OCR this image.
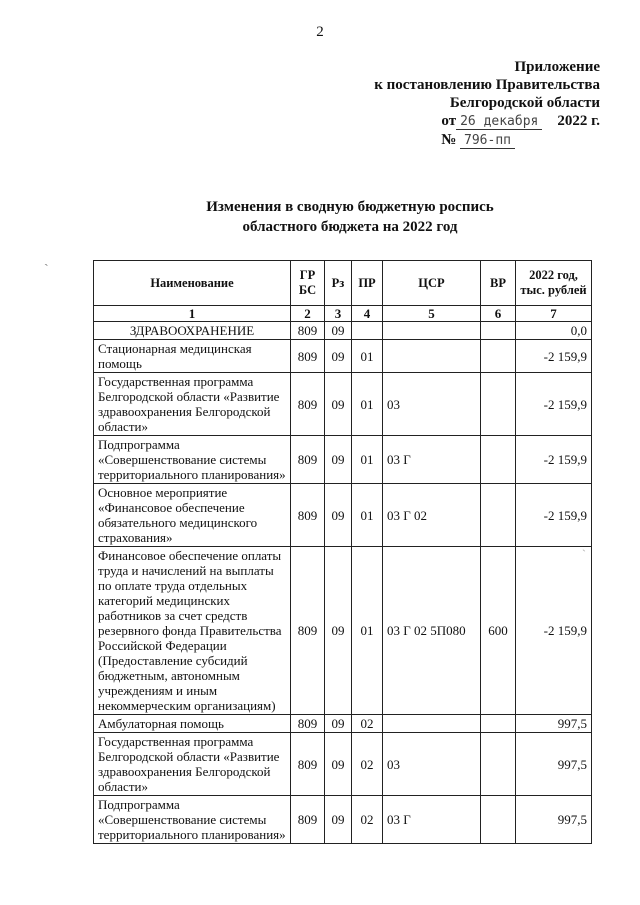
2
Приложение
к постановлению Правительства
Белгородской области
от 26 декабря 2022 г.
№ 796-пп
Изменения в сводную бюджетную роспись
областного бюджета на 2022 год
ˏ
ˏ
Наименование	ГР БС	Рз	ПР	ЦСР	ВР	2022 год, тыс. рублей
1	2	3	4	5	6	7
ЗДРАВООХРАНЕНИЕ	809	09				0,0
Стационарная медицинская помощь	809	09	01			-2 159,9
Государственная программа Белгородской области «Развитие здравоохранения Белгородской области»	809	09	01	03		-2 159,9
Подпрограмма «Совершенствование системы территориального планирования»	809	09	01	03 Г		-2 159,9
Основное мероприятие «Финансовое обеспечение обязательного медицинского страхования»	809	09	01	03 Г 02		-2 159,9
Финансовое обеспечение оплаты труда и начислений на выплаты по оплате труда отдельных категорий медицинских работников за счет средств резервного фонда Правительства Российской Федерации (Предоставление субсидий бюджетным, автономным учреждениям и иным некоммерческим организациям)	809	09	01	03 Г 02 5П080	600	-2 159,9
Амбулаторная помощь	809	09	02			997,5
Государственная программа Белгородской области «Развитие здравоохранения Белгородской области»	809	09	02	03		997,5
Подпрограмма «Совершенствование системы территориального планирования»	809	09	02	03 Г		997,5
